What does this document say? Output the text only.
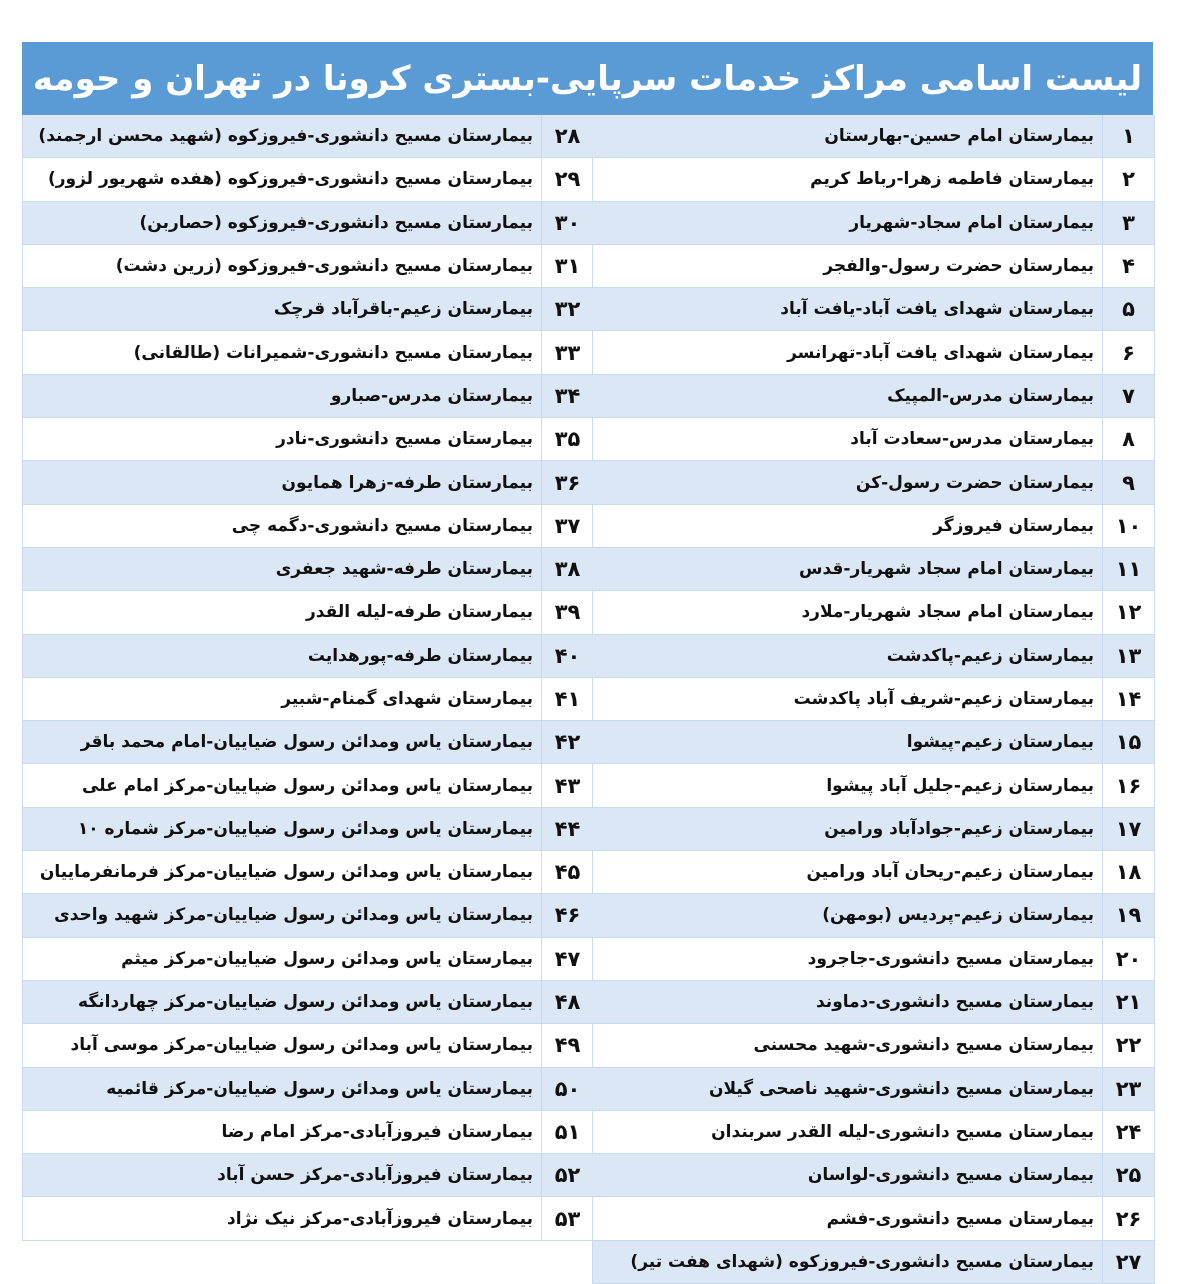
لیست اسامی مراکز خدمات سرپایی-بستری کرونا در تهران و حومه
۱
بیمارستان امام حسین-بهارستان
۲
بیمارستان فاطمه زهرا-رباط کریم
۳
بیمارستان امام سجاد-شهریار
۴
بیمارستان حضرت رسول-والفجر
۵
بیمارستان شهدای یافت آباد-یافت آباد
۶
بیمارستان شهدای یافت آباد-تهرانسر
۷
بیمارستان مدرس-المپیک
۸
بیمارستان مدرس-سعادت آباد
۹
بیمارستان حضرت رسول-کن
۱۰
بیمارستان فیروزگر
۱۱
بیمارستان امام سجاد شهریار-قدس
۱۲
بیمارستان امام سجاد شهریار-ملارد
۱۳
بیمارستان زعیم-پاکدشت
۱۴
بیمارستان زعیم-شریف آباد پاکدشت
۱۵
بیمارستان زعیم-پیشوا
۱۶
بیمارستان زعیم-جلیل آباد پیشوا
۱۷
بیمارستان زعیم-جوادآباد ورامین
۱۸
بیمارستان زعیم-ریحان آباد ورامین
۱۹
بیمارستان زعیم-پردیس (بومهن)
۲۰
بیمارستان مسیح دانشوری-جاجرود
۲۱
بیمارستان مسیح دانشوری-دماوند
۲۲
بیمارستان مسیح دانشوری-شهید محسنی
۲۳
بیمارستان مسیح دانشوری-شهید ناصحی گیلان
۲۴
بیمارستان مسیح دانشوری-لیله القدر سربندان
۲۵
بیمارستان مسیح دانشوری-لواسان
۲۶
بیمارستان مسیح دانشوری-فشم
۲۷
بیمارستان مسیح دانشوری-فیروزکوه (شهدای هفت تیر)
۲۸
بیمارستان مسیح دانشوری-فیروزکوه (شهید محسن ارجمند)
۲۹
بیمارستان مسیح دانشوری-فیروزکوه (هفده شهریور لزور)
۳۰
بیمارستان مسیح دانشوری-فیروزکوه (حصاربن)
۳۱
بیمارستان مسیح دانشوری-فیروزکوه (زرین دشت)
۳۲
بیمارستان زعیم-باقرآباد قرچک
۳۳
بیمارستان مسیح دانشوری-شمیرانات (طالقانی)
۳۴
بیمارستان مدرس-صبارو
۳۵
بیمارستان مسیح دانشوری-نادر
۳۶
بیمارستان طرفه-زهرا همایون
۳۷
بیمارستان مسیح دانشوری-دگمه چی
۳۸
بیمارستان طرفه-شهید جعفری
۳۹
بیمارستان طرفه-لیله القدر
۴۰
بیمارستان طرفه-پورهدایت
۴۱
بیمارستان شهدای گمنام-شبیر
۴۲
بیمارستان یاس ومدائن رسول ضیاییان-امام محمد باقر
۴۳
بیمارستان یاس ومدائن رسول ضیاییان-مرکز امام علی
۴۴
بیمارستان یاس ومدائن رسول ضیاییان-مرکز شماره ۱۰
۴۵
بیمارستان یاس ومدائن رسول ضیاییان-مرکز فرمانفرماییان
۴۶
بیمارستان یاس ومدائن رسول ضیاییان-مرکز شهید واحدی
۴۷
بیمارستان یاس ومدائن رسول ضیاییان-مرکز میثم
۴۸
بیمارستان یاس ومدائن رسول ضیاییان-مرکز چهاردانگه
۴۹
بیمارستان یاس ومدائن رسول ضیاییان-مرکز موسی آباد
۵۰
بیمارستان یاس ومدائن رسول ضیاییان-مرکز قائمیه
۵۱
بیمارستان فیروزآبادی-مرکز امام رضا
۵۲
بیمارستان فیروزآبادی-مرکز حسن آباد
۵۳
بیمارستان فیروزآبادی-مرکز نیک نژاد
